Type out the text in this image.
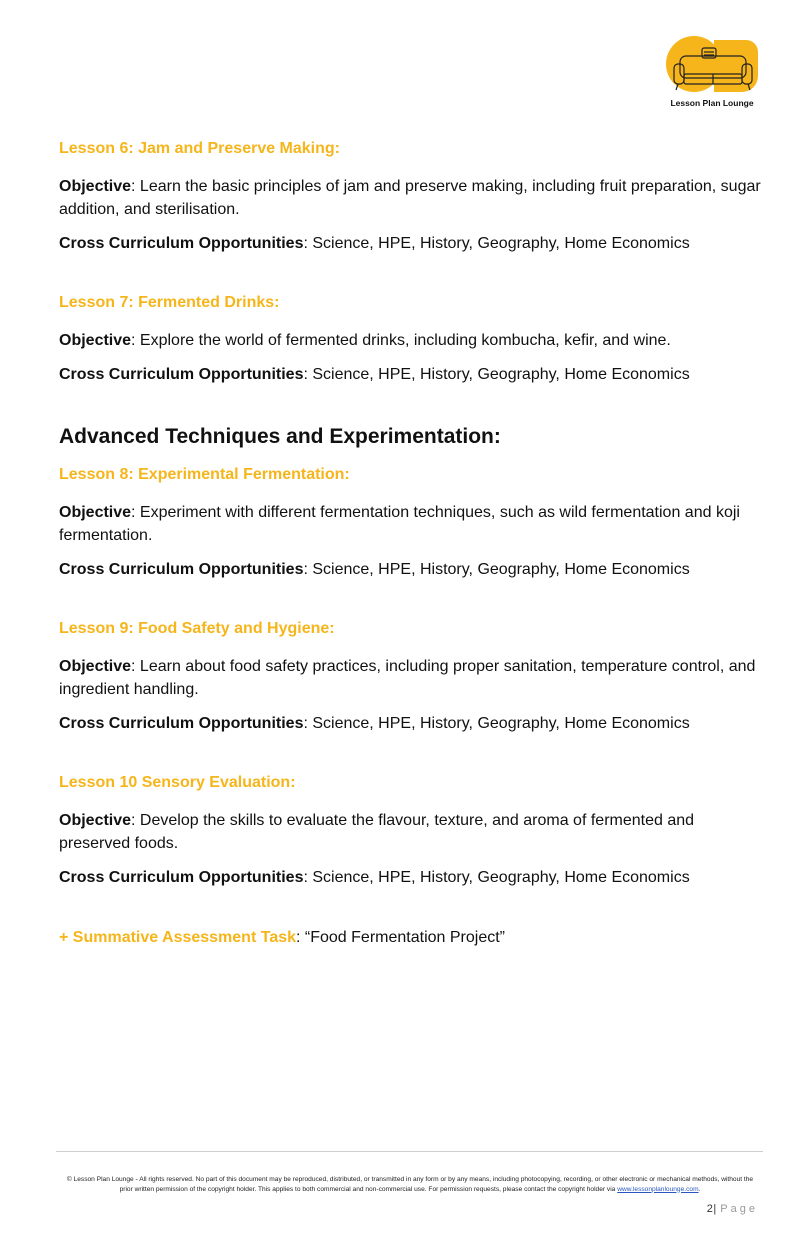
Lesson Plan Lounge
Lesson 6: Jam and Preserve Making:

Objective: Learn the basic principles of jam and preserve making, including fruit preparation, sugar addition, and sterilisation.

Cross Curriculum Opportunities: Science, HPE, History, Geography, Home Economics

Lesson 7: Fermented Drinks:

Objective: Explore the world of fermented drinks, including kombucha, kefir, and wine.

Cross Curriculum Opportunities: Science, HPE, History, Geography, Home Economics

Advanced Techniques and Experimentation:
Lesson 8: Experimental Fermentation:

Objective: Experiment with different fermentation techniques, such as wild fermentation and koji fermentation.

Cross Curriculum Opportunities: Science, HPE, History, Geography, Home Economics

Lesson 9: Food Safety and Hygiene:

Objective: Learn about food safety practices, including proper sanitation, temperature control, and ingredient handling.

Cross Curriculum Opportunities: Science, HPE, History, Geography, Home Economics

Lesson 10 Sensory Evaluation:

Objective: Develop the skills to evaluate the flavour, texture, and aroma of fermented and preserved foods.

Cross Curriculum Opportunities: Science, HPE, History, Geography, Home Economics

+ Summative Assessment Task: “Food Fermentation Project”

© Lesson Plan Lounge - All rights reserved. No part of this document may be reproduced, distributed, or transmitted in any form or by any means, including photocopying, recording, or other electronic or mechanical methods, without the prior written permission of the copyright holder. This applies to both commercial and non-commercial use. For permission requests, please contact the copyright holder via www.lessonplanlounge.com.
2| Page
